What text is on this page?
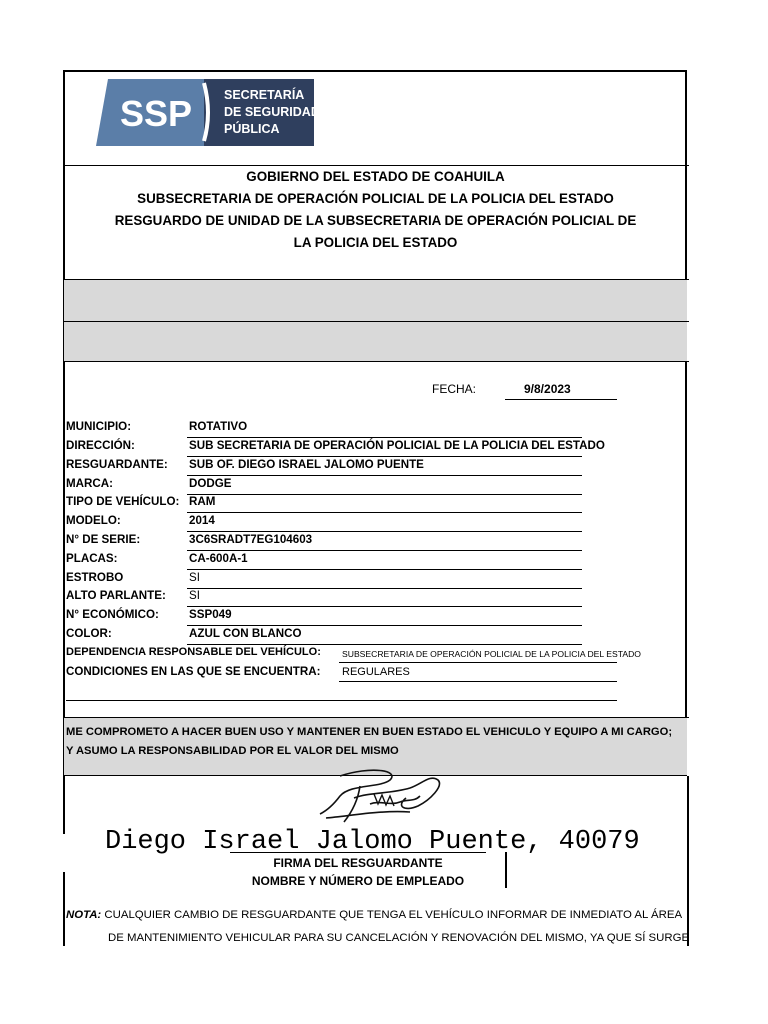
SSP	SECRETARÍA
DE SEGURIDAD
PÚBLICA
GOBIERNO DEL ESTADO DE COAHUILA
SUBSECRETARIA DE OPERACIÓN POLICIAL DE LA POLICIA DEL ESTADO
RESGUARDO DE UNIDAD DE LA SUBSECRETARIA DE OPERACIÓN POLICIAL DE
LA POLICIA DEL ESTADO
FECHA:	9/8/2023
MUNICIPIO:	ROTATIVO
DIRECCIÓN:	SUB SECRETARIA DE OPERACIÓN POLICIAL DE LA POLICIA DEL ESTADO
RESGUARDANTE: SUB OF. DIEGO ISRAEL JALOMO PUENTE
MARCA:	DODGE
TIPO DE VEHÍCULO: RAM
MODELO:	2014
N° DE SERIE:	3C6SRADT7EG104603
PLACAS:	CA-600A-1
ESTROBO	SI
ALTO PARLANTE: SI
N° ECONÓMICO:	SSP049
COLOR:	AZUL CON BLANCO
DEPENDENCIA RESPONSABLE DEL VEHÍCULO: SUBSECRETARIA DE OPERACIÓN POLICIAL DE LA POLICIA DEL ESTADO
CONDICIONES EN LAS QUE SE ENCUENTRA: REGULARES
ME COMPROMETO A HACER BUEN USO Y MANTENER EN BUEN ESTADO EL VEHICULO Y EQUIPO A MI CARGO;
Y ASUMO LA RESPONSABILIDAD POR EL VALOR DEL MISMO
Diego Israel Jalomo Puente, 40079
FIRMA DEL RESGUARDANTE
NOMBRE Y NÚMERO DE EMPLEADO
NOTA: CUALQUIER CAMBIO DE RESGUARDANTE QUE TENGA EL VEHÍCULO INFORMAR DE INMEDIATO AL ÁREA
DE MANTENIMIENTO VEHICULAR PARA SU CANCELACIÓN Y RENOVACIÓN DEL MISMO, YA QUE SÍ SURGE
